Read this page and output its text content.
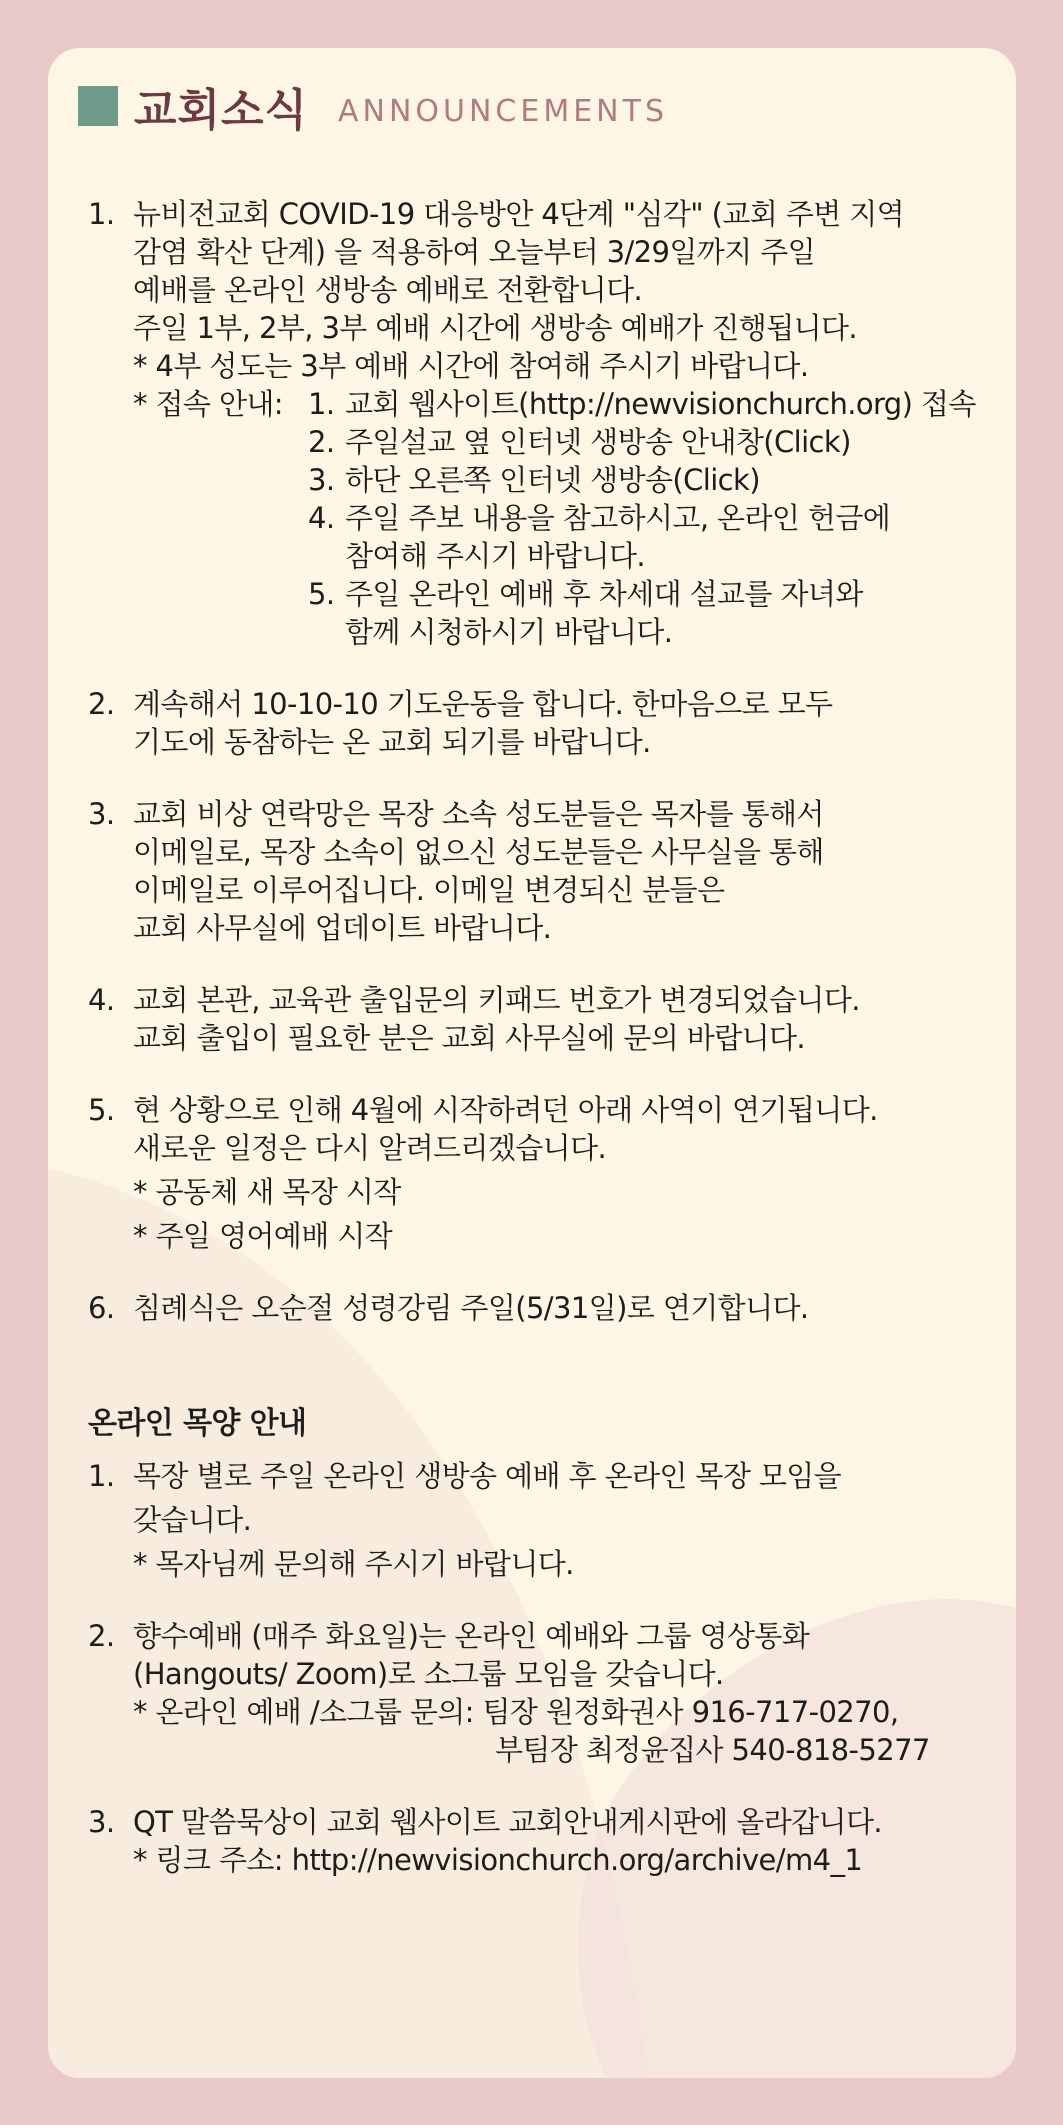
교회소식 ANNOUNCEMENTS
1. 뉴비전교회 COVID-19 대응방안 4단계 "심각" (교회 주변 지역
감염 확산 단계) 을 적용하여 오늘부터 3/29일까지 주일
예배를 온라인 생방송 예배로 전환합니다.
주일 1부, 2부, 3부 예배 시간에 생방송 예배가 진행됩니다.
* 4부 성도는 3부 예배 시간에 참여해 주시기 바랍니다.
* 접속 안내: 1. 교회 웹사이트(http://newvisionchurch.org) 접속
2. 주일설교 옆 인터넷 생방송 안내창(Click)
3. 하단 오른쪽 인터넷 생방송(Click)
4. 주일 주보 내용을 참고하시고, 온라인 헌금에
참여해 주시기 바랍니다.
5. 주일 온라인 예배 후 차세대 설교를 자녀와
함께 시청하시기 바랍니다.
2. 계속해서 10-10-10 기도운동을 합니다. 한마음으로 모두
기도에 동참하는 온 교회 되기를 바랍니다.
3. 교회 비상 연락망은 목장 소속 성도분들은 목자를 통해서
이메일로, 목장 소속이 없으신 성도분들은 사무실을 통해
이메일로 이루어집니다. 이메일 변경되신 분들은
교회 사무실에 업데이트 바랍니다.
4. 교회 본관, 교육관 출입문의 키패드 번호가 변경되었습니다.
교회 출입이 필요한 분은 교회 사무실에 문의 바랍니다.
5. 현 상황으로 인해 4월에 시작하려던 아래 사역이 연기됩니다.
새로운 일정은 다시 알려드리겠습니다.
* 공동체 새 목장 시작
* 주일 영어예배 시작
6. 침례식은 오순절 성령강림 주일(5/31일)로 연기합니다.
온라인 목양 안내
1. 목장 별로 주일 온라인 생방송 예배 후 온라인 목장 모임을
갖습니다.
* 목자님께 문의해 주시기 바랍니다.
2. 향수예배 (매주 화요일)는 온라인 예배와 그룹 영상통화
(Hangouts/ Zoom)로 소그룹 모임을 갖습니다.
* 온라인 예배 /소그룹 문의: 팀장 원정화권사 916-717-0270,
부팀장 최정윤집사 540-818-5277
3. QT 말씀묵상이 교회 웹사이트 교회안내게시판에 올라갑니다.
* 링크 주소: http://newvisionchurch.org/archive/m4_1
